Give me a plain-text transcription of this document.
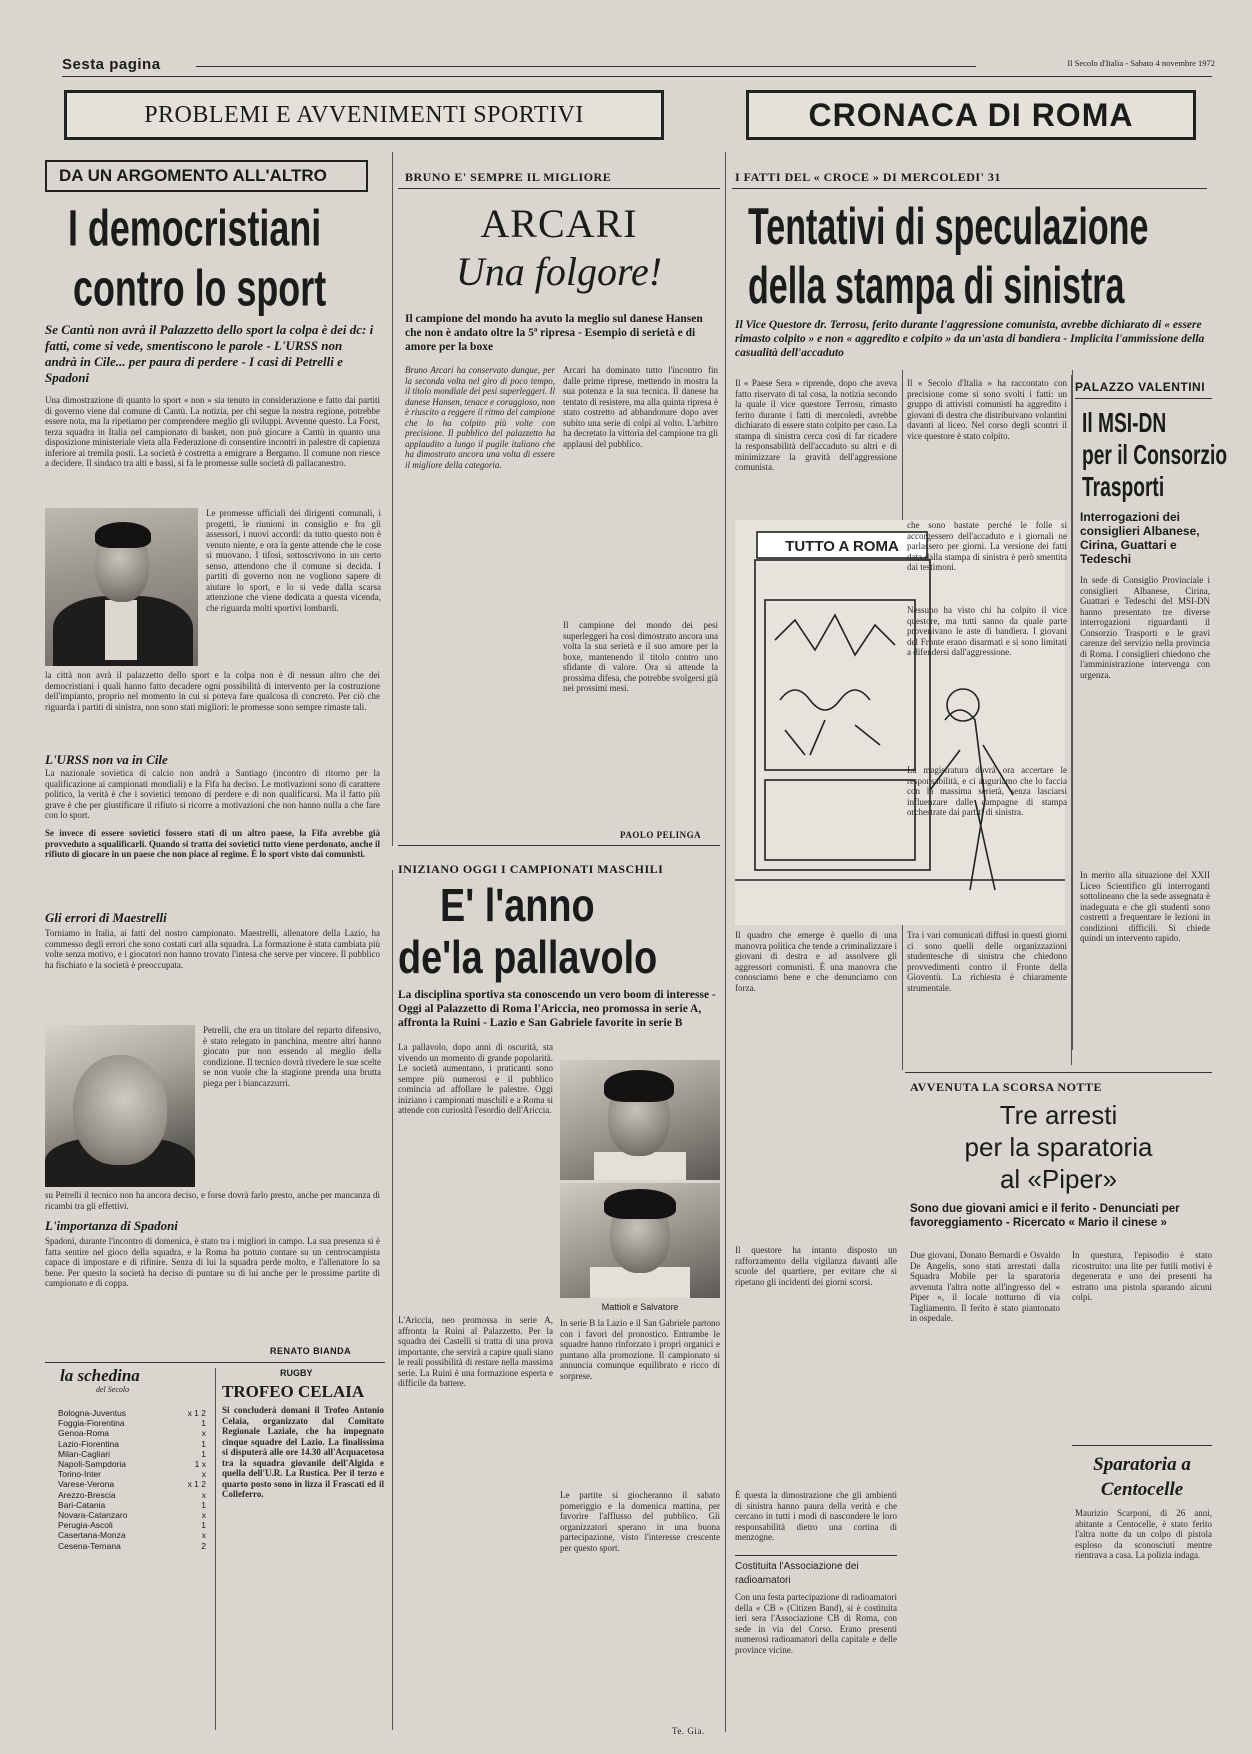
Sesta pagina	Il Secolo d'Italia - Sabato 4 novembre 1972
PROBLEMI E AVVENIMENTI SPORTIVI	CRONACA DI ROMA
DA UN ARGOMENTO ALL'ALTRO
I democristiani
contro lo sport
Se Cantù non avrà il Palazzetto dello sport la colpa è dei dc: i fatti, come si vede, smentiscono le parole - L'URSS non andrà in Cile... per paura di perdere - I casi di Petrelli e Spadoni
Una dimostrazione di quanto lo sport « non » sia tenuto in considerazione e fatto dai partiti di governo viene dal comune di Cantù. La notizia, per chi segue la nostra regione, potrebbe essere nota, ma la ripetiamo per comprendere meglio gli sviluppi. Avvenne questo. La Forst, terza squadra in Italia nel campionato di basket, non può giocare a Cantù in quanto una disposizione ministeriale vieta alla Federazione di consentire incontri in palestre di capienza inferiore ai tremila posti. La società è costretta a emigrare a Bergamo. Il comune non riesce a decidere. Il sindaco tra alti e bassi, si fa le promesse sulle società di pallacanestro.
Le promesse ufficiali dei dirigenti comunali, i progetti, le riunioni in consiglio e fra gli assessori, i nuovi accordi: da tutto questo non è venuto niente, e ora la gente attende che le cose si muovano. I tifosi, sottoscrivono in un certo senso, attendono che il comune si decida. I partiti di governo non ne vogliono sapere di aiutare lo sport, e lo si vede dalla scarsa attenzione che viene dedicata a questa vicenda, che riguarda molti sportivi lombardi.
la città non avrà il palazzetto dello sport e la colpa non è di nessun altro che dei democristiani i quali hanno fatto decadere ogni possibilità di intervento per la costruzione dell'impianto, proprio nel momento in cui si poteva fare qualcosa di concreto. Per ciò che riguarda i partiti di sinistra, non sono stati migliori: le promesse sono sempre rimaste tali.
L'URSS non va in Cile
La nazionale sovietica di calcio non andrà a Santiago (incontro di ritorno per la qualificazione ai campionati mondiali) e la Fifa ha deciso. Le motivazioni sono di carattere politico, la verità è che i sovietici temono di perdere e di non qualificarsi. Ma il fatto più grave è che per giustificare il rifiuto si ricorre a motivazioni che non hanno nulla a che fare con lo sport.
Se invece di essere sovietici fossero stati di un altro paese, la Fifa avrebbe già provveduto a squalificarli. Quando si tratta dei sovietici tutto viene perdonato, anche il rifiuto di giocare in un paese che non piace al regime. È lo sport visto dai comunisti.
Gli errori di Maestrelli
Torniamo in Italia, ai fatti del nostro campionato. Maestrelli, allenatore della Lazio, ha commesso degli errori che sono costati cari alla squadra. La formazione è stata cambiata più volte senza motivo, e i giocatori non hanno trovato l'intesa che serve per vincere. Il pubblico ha fischiato e la società è preoccupata.
Petrelli, che era un titolare del reparto difensivo, è stato relegato in panchina, mentre altri hanno giocato pur non essendo al meglio della condizione. Il tecnico dovrà rivedere le sue scelte se non vuole che la stagione prenda una brutta piega per i biancazzurri.
su Petrelli il tecnico non ha ancora deciso, e forse dovrà farlo presto, anche per mancanza di ricambi tra gli effettivi.
L'importanza di Spadoni
Spadoni, durante l'incontro di domenica, è stato tra i migliori in campo. La sua presenza si è fatta sentire nel gioco della squadra, e la Roma ha potuto contare su un centrocampista capace di impostare e di rifinire. Senza di lui la squadra perde molto, e l'allenatore lo sa bene. Per questo la società ha deciso di puntare su di lui anche per le prossime partite di campionato e di coppa.
RENATO BIANDA
la schedina
del Secolo
Bologna-Juventus	x 1 2
Foggia-Fiorentina	1
Genoa-Roma	x
Lazio-Fiorentina	1
Milan-Cagliari	1
Napoli-Sampdoria	1 x
Torino-Inter	x
Varese-Verona	x 1 2
Arezzo-Brescia	x
Bari-Catania	1
Novara-Catanzaro	x
Perugia-Ascoli	1
Casertana-Monza	x
Cesena-Ternana	2
RUGBY
TROFEO CELAIA
Si concluderà domani il Trofeo Antonio Celaia, organizzato dal Comitato Regionale Laziale, che ha impegnato cinque squadre del Lazio. La finalissima si disputerà alle ore 14.30 all'Acquacetosa tra la squadra giovanile dell'Algida e quella dell'U.R. La Rustica. Per il terzo e quarto posto sono in lizza il Frascati ed il Colleferro.
BRUNO E' SEMPRE IL MIGLIORE
ARCARI
Una folgore!
Il campione del mondo ha avuto la meglio sul danese Hansen che non è andato oltre la 5ª ripresa - Esempio di serietà e di amore per la boxe
Bruno Arcari ha conservato dunque, per la seconda volta nel giro di poco tempo, il titolo mondiale dei pesi superleggeri. Il danese Hansen, tenace e coraggioso, non è riuscito a reggere il ritmo del campione che lo ha colpito più volte con precisione. Il pubblico del palazzetto ha applaudito a lungo il pugile italiano che ha dimostrato ancora una volta di essere il migliore della categoria.
Arcari ha dominato tutto l'incontro fin dalle prime riprese, mettendo in mostra la sua potenza e la sua tecnica. Il danese ha tentato di resistere, ma alla quinta ripresa è stato costretto ad abbandonare dopo aver subito una serie di colpi al volto. L'arbitro ha decretato la vittoria del campione tra gli applausi del pubblico.
Il campione del mondo dei pesi superleggeri ha così dimostrato ancora una volta la sua serietà e il suo amore per la boxe, mantenendo il titolo contro uno sfidante di valore. Ora si attende la prossima difesa, che potrebbe svolgersi già nei prossimi mesi.
PAOLO PELINGA
INIZIANO OGGI I CAMPIONATI MASCHILI
E' l'anno
de'la pallavolo
La disciplina sportiva sta conoscendo un vero boom di interesse - Oggi al Palazzetto di Roma l'Ariccia, neo promossa in serie A, affronta la Ruini - Lazio e San Gabriele favorite in serie B
La pallavolo, dopo anni di oscurità, sta vivendo un momento di grande popolarità. Le società aumentano, i praticanti sono sempre più numerosi e il pubblico comincia ad affollare le palestre. Oggi iniziano i campionati maschili e a Roma si attende con curiosità l'esordio dell'Ariccia.
Mattioli e Salvatore
L'Ariccia, neo promossa in serie A, affronta la Ruini al Palazzetto. Per la squadra dei Castelli si tratta di una prova importante, che servirà a capire quali siano le reali possibilità di restare nella massima serie. La Ruini è una formazione esperta e difficile da battere.
In serie B la Lazio e il San Gabriele partono con i favori del pronostico. Entrambe le squadre hanno rinforzato i propri organici e puntano alla promozione. Il campionato si annuncia comunque equilibrato e ricco di sorprese.
Le partite si giocheranno il sabato pomeriggio e la domenica mattina, per favorire l'afflusso del pubblico. Gli organizzatori sperano in una buona partecipazione, visto l'interesse crescente per questo sport.
Te. Gia.
I FATTI DEL « CROCE » DI MERCOLEDI' 31
Tentativi di speculazione
della stampa di sinistra
Il Vice Questore dr. Terrosu, ferito durante l'aggressione comunista, avrebbe dichiarato di « essere rimasto colpito » e non « aggredito e colpito » da un'asta di bandiera - Implicita l'ammissione della casualità dell'accaduto
Il « Paese Sera » riprende, dopo che aveva fatto riservato di tal cosa, la notizia secondo la quale il vice questore Terrosu, rimasto ferito durante i fatti di mercoledì, avrebbe dichiarato di essere stato colpito per caso. La stampa di sinistra cerca così di far ricadere la responsabilità dell'accaduto su altri e di minimizzare la gravità dell'aggressione comunista.
Il « Secolo d'Italia » ha raccontato con precisione come si sono svolti i fatti: un gruppo di attivisti comunisti ha aggredito i giovani di destra che distribuivano volantini davanti al liceo. Nel corso degli scontri il vice questore è stato colpito.
TUTTO A ROMA
che sono bastate perché le folle si accorgessero dell'accaduto e i giornali ne parlassero per giorni. La versione dei fatti data dalla stampa di sinistra è però smentita dai testimoni.
Nessuno ha visto chi ha colpito il vice questore, ma tutti sanno da quale parte provenivano le aste di bandiera. I giovani del Fronte erano disarmati e si sono limitati a difendersi dall'aggressione.
La magistratura dovrà ora accertare le responsabilità, e ci auguriamo che lo faccia con la massima serietà, senza lasciarsi influenzare dalle campagne di stampa orchestrate dai partiti di sinistra.
Il quadro che emerge è quello di una manovra politica che tende a criminalizzare i giovani di destra e ad assolvere gli aggressori comunisti. È una manovra che conosciamo bene e che denunciamo con forza.
Tra i vari comunicati diffusi in questi giorni ci sono quelli delle organizzazioni studentesche di sinistra che chiedono provvedimenti contro il Fronte della Gioventù. La richiesta è chiaramente strumentale.
Il questore ha intanto disposto un rafforzamento della vigilanza davanti alle scuole del quartiere, per evitare che si ripetano gli incidenti dei giorni scorsi.
È questa la dimostrazione che gli ambienti di sinistra hanno paura della verità e che cercano in tutti i modi di nascondere le loro responsabilità dietro una cortina di menzogne.
Costituita l'Associazione dei radioamatori
Con una festa partecipazione di radioamatori della « CB » (Citizen Band), si è costituita ieri sera l'Associazione CB di Roma, con sede in via del Corso. Erano presenti numerosi radioamatori della capitale e delle province vicine.
PALAZZO VALENTINI
Il MSI-DN
per il Consorzio
Trasporti
Interrogazioni dei consiglieri Albanese, Cirina, Guattari e Tedeschi
In sede di Consiglio Provinciale i consiglieri Albanese, Cirina, Guattari e Tedeschi del MSI-DN hanno presentato tre diverse interrogazioni riguardanti il Consorzio Trasporti e le gravi carenze del servizio nella provincia di Roma. I consiglieri chiedono che l'amministrazione intervenga con urgenza.
In merito alla situazione del XXII Liceo Scientifico gli interroganti sottolineano che la sede assegnata è inadeguata e che gli studenti sono costretti a frequentare le lezioni in condizioni difficili. Si chiede quindi un intervento rapido.
AVVENUTA LA SCORSA NOTTE
Tre arresti
per la sparatoria
al «Piper»
Sono due giovani amici e il ferito - Denunciati per favoreggiamento - Ricercato « Mario il cinese »
Due giovani, Donato Bernardi e Osvaldo De Angelis, sono stati arrestati dalla Squadra Mobile per la sparatoria avvenuta l'altra notte all'ingresso del « Piper », il locale notturno di via Tagliamento. Il ferito è stato piantonato in ospedale.
In questura, l'episodio è stato ricostruito: una lite per futili motivi è degenerata e uno dei presenti ha estratto una pistola sparando alcuni colpi.
Sparatoria a Centocelle
Maurizio Scarponi, di 26 anni, abitante a Centocelle, è stato ferito l'altra notte da un colpo di pistola esploso da sconosciuti mentre rientrava a casa. La polizia indaga.
